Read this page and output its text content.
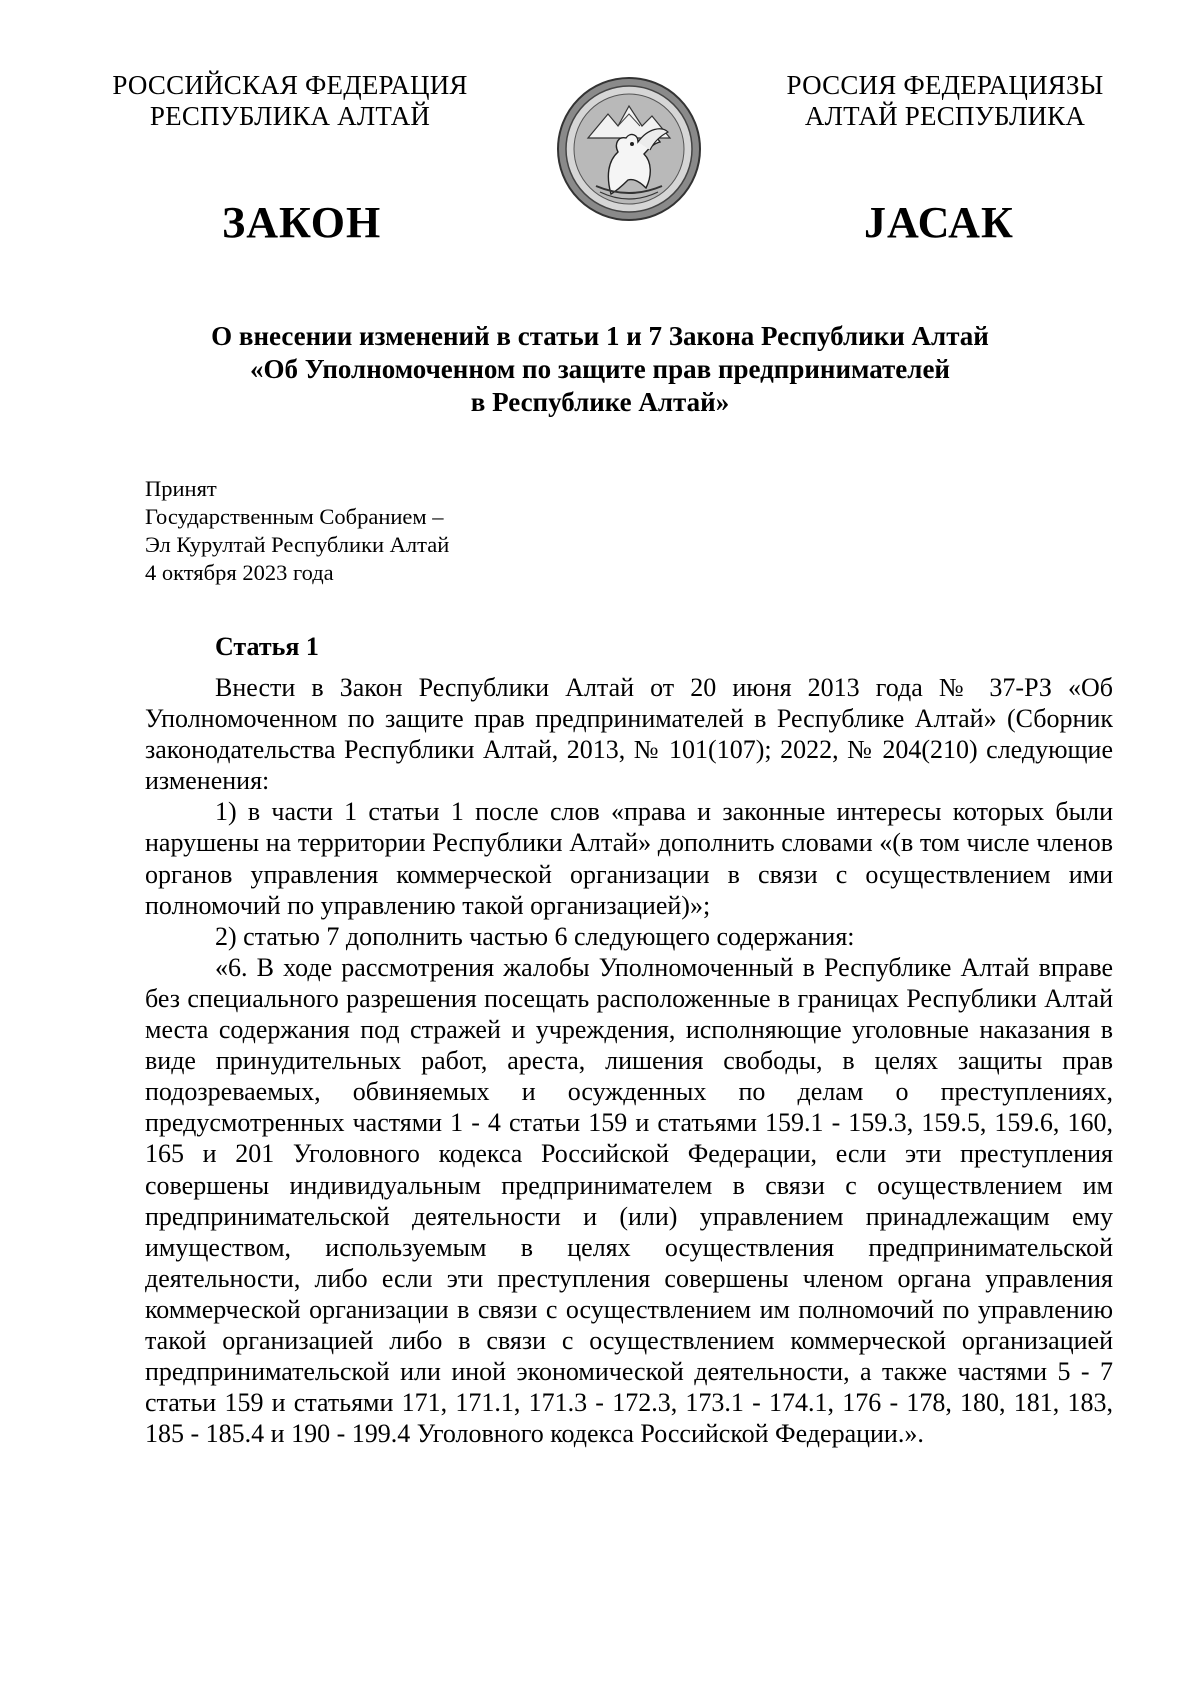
РОССИЙСКАЯ ФЕДЕРАЦИЯ
РЕСПУБЛИКА АЛТАЙ
РОССИЯ ФЕДЕРАЦИЯЗЫ
АЛТАЙ РЕСПУБЛИКА
ЗАКОН	JАСАК
О внесении изменений в статьи 1 и 7 Закона Республики Алтай
«Об Уполномоченном по защите прав предпринимателей
в Республике Алтай»
Принят
Государственным Собранием –
Эл Курултай Республики Алтай
4 октября 2023 года
Статья 1

Внести в Закон Республики Алтай от 20 июня 2013 года № 37-РЗ «Об Уполномоченном по защите прав предпринимателей в Республике Алтай» (Сборник законодательства Республики Алтай, 2013, № 101(107); 2022, № 204(210) следующие изменения:

1) в части 1 статьи 1 после слов «права и законные интересы которых были нарушены на территории Республики Алтай» дополнить словами «(в том числе членов органов управления коммерческой организации в связи с осуществлением ими полномочий по управлению такой организацией)»;

2) статью 7 дополнить частью 6 следующего содержания:

«6. В ходе рассмотрения жалобы Уполномоченный в Республике Алтай вправе без специального разрешения посещать расположенные в границах Республики Алтай места содержания под стражей и учреждения, исполняющие уголовные наказания в виде принудительных работ, ареста, лишения свободы, в целях защиты прав подозреваемых, обвиняемых и осужденных по делам о преступлениях, предусмотренных частями 1 - 4 статьи 159 и статьями 159.1 - 159.3, 159.5, 159.6, 160, 165 и 201 Уголовного кодекса Российской Федерации, если эти преступления совершены индивидуальным предпринимателем в связи с осуществлением им предпринимательской деятельности и (или) управлением принадлежащим ему имуществом, используемым в целях осуществления предпринимательской деятельности, либо если эти преступления совершены членом органа управления коммерческой организации в связи с осуществлением им полномочий по управлению такой организацией либо в связи с осуществлением коммерческой организацией предпринимательской или иной экономической деятельности, а также частями 5 - 7 статьи 159 и статьями 171, 171.1, 171.3 - 172.3, 173.1 - 174.1, 176 - 178, 180, 181, 183, 185 - 185.4 и 190 - 199.4 Уголовного кодекса Российской Федерации.».
